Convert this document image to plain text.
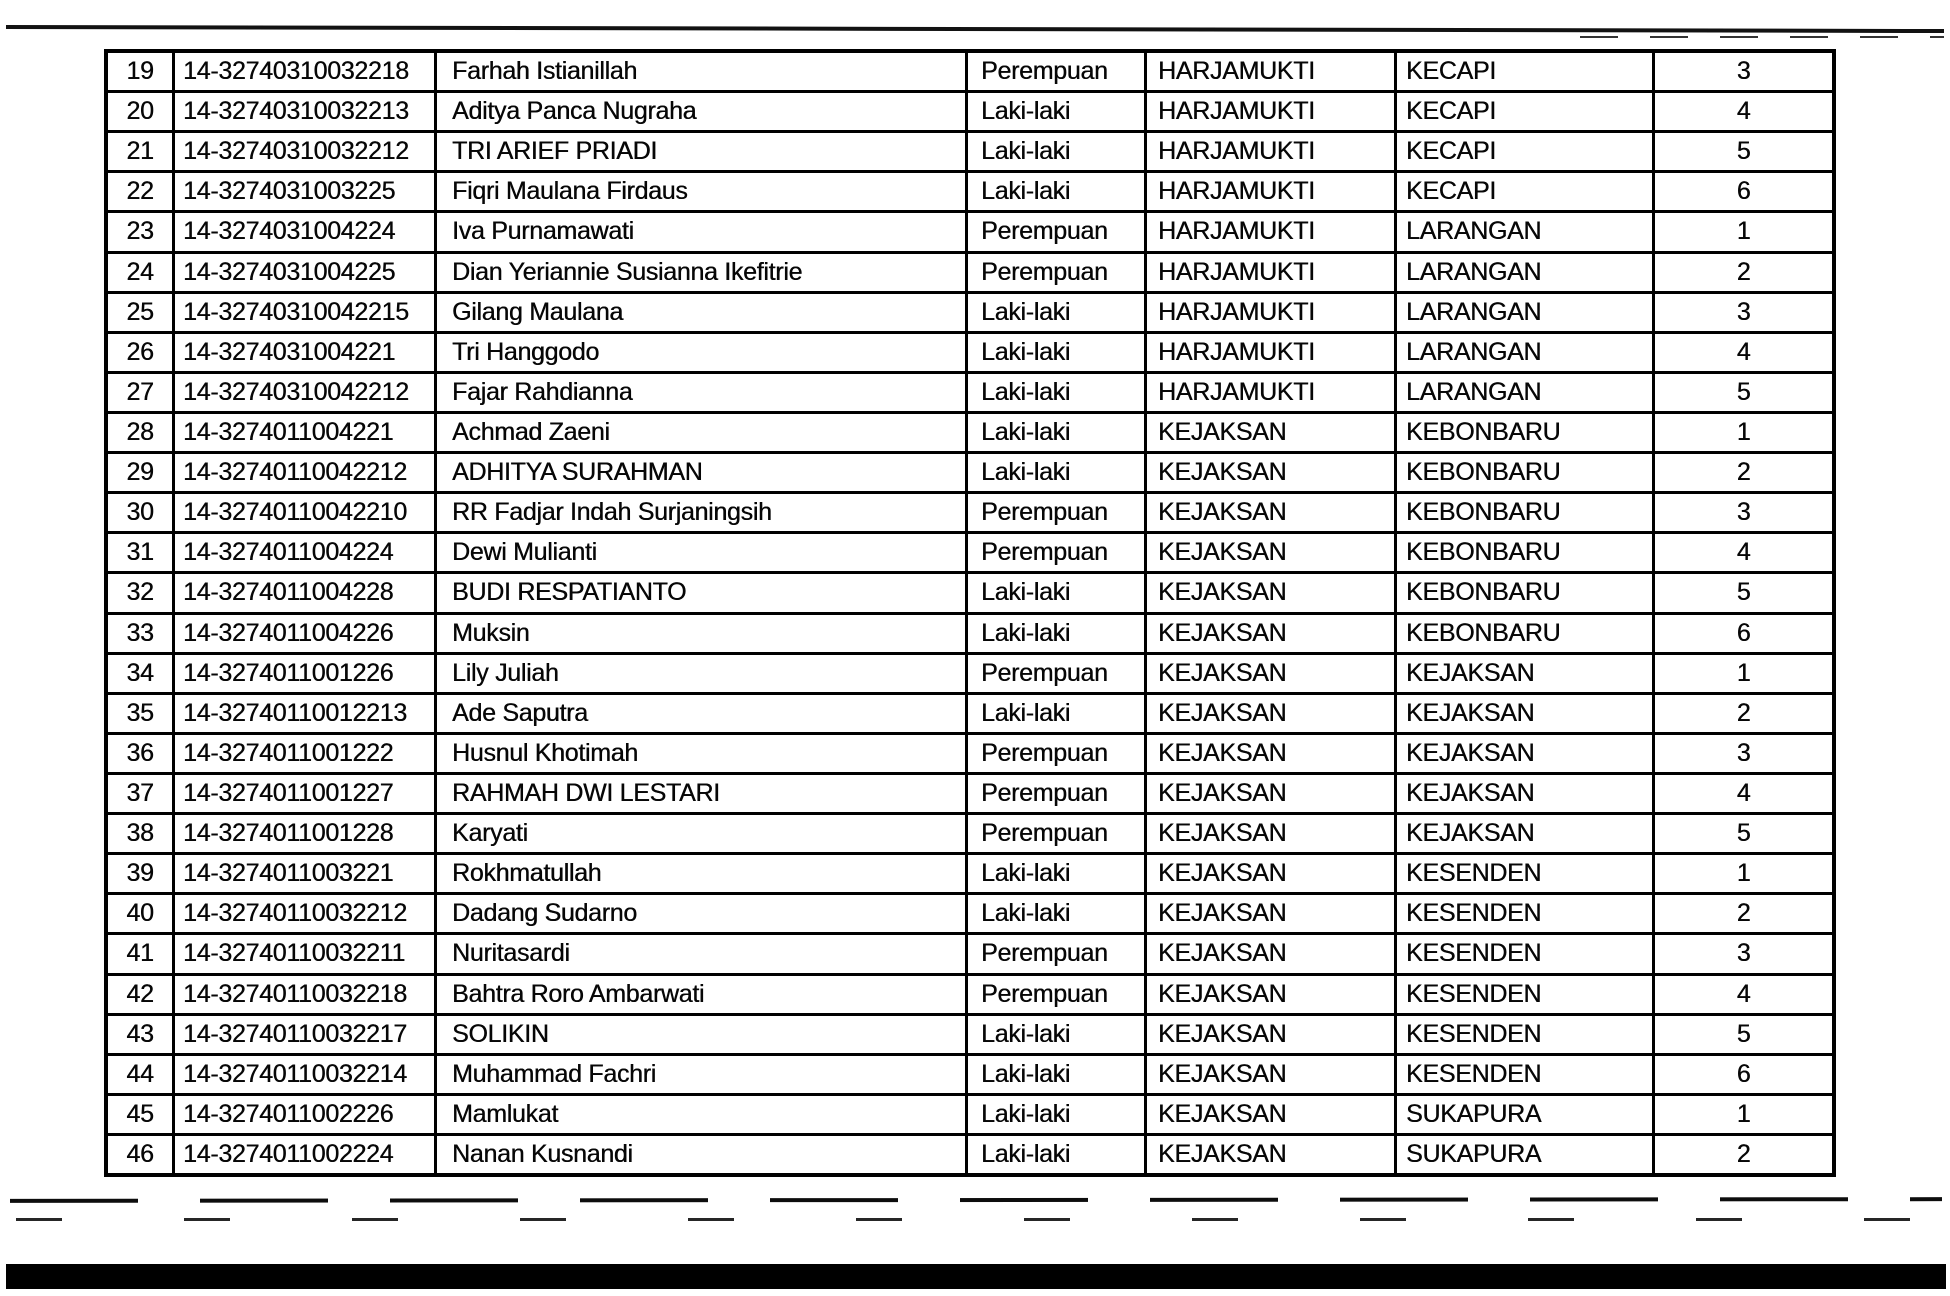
19	14-32740310032218	Farhah Istianillah	Perempuan	HARJAMUKTI	KECAPI	3
20	14-32740310032213	Aditya Panca Nugraha	Laki-laki	HARJAMUKTI	KECAPI	4
21	14-32740310032212	TRI ARIEF PRIADI	Laki-laki	HARJAMUKTI	KECAPI	5
22	14-3274031003225	Fiqri Maulana Firdaus	Laki-laki	HARJAMUKTI	KECAPI	6
23	14-3274031004224	Iva Purnamawati	Perempuan	HARJAMUKTI	LARANGAN	1
24	14-3274031004225	Dian Yeriannie Susianna Ikefitrie	Perempuan	HARJAMUKTI	LARANGAN	2
25	14-32740310042215	Gilang Maulana	Laki-laki	HARJAMUKTI	LARANGAN	3
26	14-3274031004221	Tri Hanggodo	Laki-laki	HARJAMUKTI	LARANGAN	4
27	14-32740310042212	Fajar Rahdianna	Laki-laki	HARJAMUKTI	LARANGAN	5
28	14-3274011004221	Achmad Zaeni	Laki-laki	KEJAKSAN	KEBONBARU	1
29	14-32740110042212	ADHITYA SURAHMAN	Laki-laki	KEJAKSAN	KEBONBARU	2
30	14-32740110042210	RR Fadjar Indah Surjaningsih	Perempuan	KEJAKSAN	KEBONBARU	3
31	14-3274011004224	Dewi Mulianti	Perempuan	KEJAKSAN	KEBONBARU	4
32	14-3274011004228	BUDI RESPATIANTO	Laki-laki	KEJAKSAN	KEBONBARU	5
33	14-3274011004226	Muksin	Laki-laki	KEJAKSAN	KEBONBARU	6
34	14-3274011001226	Lily Juliah	Perempuan	KEJAKSAN	KEJAKSAN	1
35	14-32740110012213	Ade Saputra	Laki-laki	KEJAKSAN	KEJAKSAN	2
36	14-3274011001222	Husnul Khotimah	Perempuan	KEJAKSAN	KEJAKSAN	3
37	14-3274011001227	RAHMAH DWI LESTARI	Perempuan	KEJAKSAN	KEJAKSAN	4
38	14-3274011001228	Karyati	Perempuan	KEJAKSAN	KEJAKSAN	5
39	14-3274011003221	Rokhmatullah	Laki-laki	KEJAKSAN	KESENDEN	1
40	14-32740110032212	Dadang Sudarno	Laki-laki	KEJAKSAN	KESENDEN	2
41	14-32740110032211	Nuritasardi	Perempuan	KEJAKSAN	KESENDEN	3
42	14-32740110032218	Bahtra Roro Ambarwati	Perempuan	KEJAKSAN	KESENDEN	4
43	14-32740110032217	SOLIKIN	Laki-laki	KEJAKSAN	KESENDEN	5
44	14-32740110032214	Muhammad Fachri	Laki-laki	KEJAKSAN	KESENDEN	6
45	14-3274011002226	Mamlukat	Laki-laki	KEJAKSAN	SUKAPURA	1
46	14-3274011002224	Nanan Kusnandi	Laki-laki	KEJAKSAN	SUKAPURA	2
